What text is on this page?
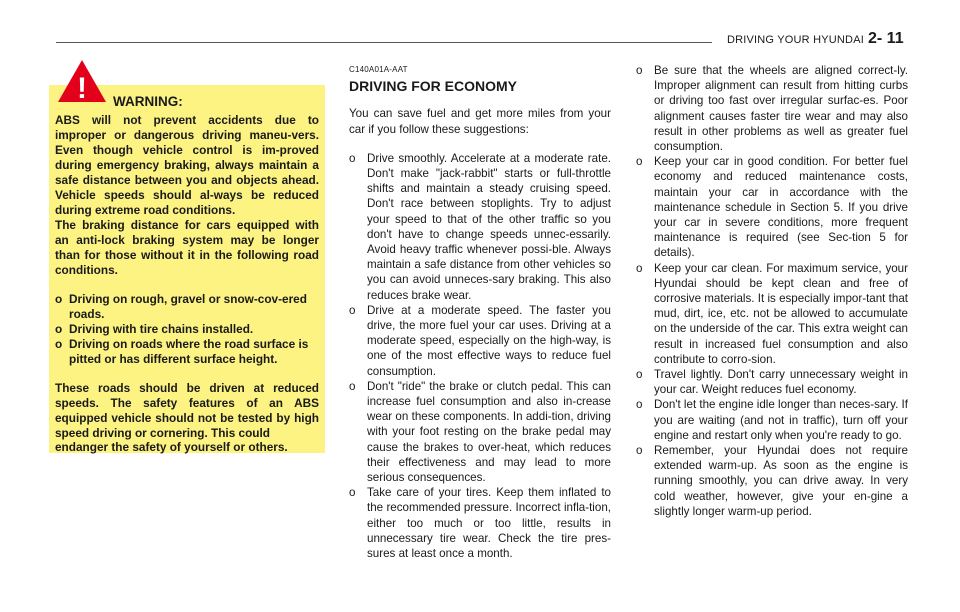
DRIVING YOUR HYUNDAI 2- 11

ABS will not prevent accidents due to improper or dangerous driving maneu-vers. Even though vehicle control is im-proved during emergency braking, always maintain a safe distance between you and objects ahead. Vehicle speeds should al-ways be reduced during extreme road conditions.

The braking distance for cars equipped with an anti-lock braking system may be longer than for those without it in the following road conditions.

o Driving on rough, gravel or snow-cov-ered roads.
o Driving with tire chains installed.
o Driving on roads where the road surface is pitted or has different surface height.

These roads should be driven at reduced speeds. The safety features of an ABS equipped vehicle should not be tested by high speed driving or cornering. This could

endanger the safety of yourself or others.
! WARNING:
C140A01A-AAT
DRIVING FOR ECONOMY

You can save fuel and get more miles from your car if you follow these suggestions:

o Drive smoothly. Accelerate at a moderate rate. Don't make "jack-rabbit" starts or full-throttle shifts and maintain a steady cruising speed. Don't race between stoplights. Try to adjust your speed to that of the other traffic so you don't have to change speeds unnec-essarily. Avoid heavy traffic whenever possi-ble. Always maintain a safe distance from other vehicles so you can avoid unneces-sary braking. This also reduces brake wear.
o Drive at a moderate speed. The faster you drive, the more fuel your car uses. Driving at a moderate speed, especially on the high-way, is one of the most effective ways to reduce fuel consumption.
o Don't "ride" the brake or clutch pedal. This can increase fuel consumption and also in-crease wear on these components. In addi-tion, driving with your foot resting on the brake pedal may cause the brakes to over-heat, which reduces their effectiveness and may lead to more serious consequences.
o Take care of your tires. Keep them inflated to the recommended pressure. Incorrect infla-tion, either too much or too little, results in unnecessary tire wear. Check the tire pres-sures at least once a month.
o Be sure that the wheels are aligned correct-ly. Improper alignment can result from hitting curbs or driving too fast over irregular surfac-es. Poor alignment causes faster tire wear and may also result in other problems as well as greater fuel consumption.
o Keep your car in good condition. For better fuel economy and reduced maintenance costs, maintain your car in accordance with the maintenance schedule in Section 5. If you drive your car in severe conditions, more frequent maintenance is required (see Sec-tion 5 for details).
o Keep your car clean. For maximum service, your Hyundai should be kept clean and free of corrosive materials. It is especially impor-tant that mud, dirt, ice, etc. not be allowed to accumulate on the underside of the car. This extra weight can result in increased fuel consumption and also contribute to corro-sion.
o Travel lightly. Don't carry unnecessary weight in your car. Weight reduces fuel economy.
o Don't let the engine idle longer than neces-sary. If you are waiting (and not in traffic), turn off your engine and restart only when you're ready to go.
o Remember, your Hyundai does not require extended warm-up. As soon as the engine is running smoothly, you can drive away. In very cold weather, however, give your en-gine a slightly longer warm-up period.
